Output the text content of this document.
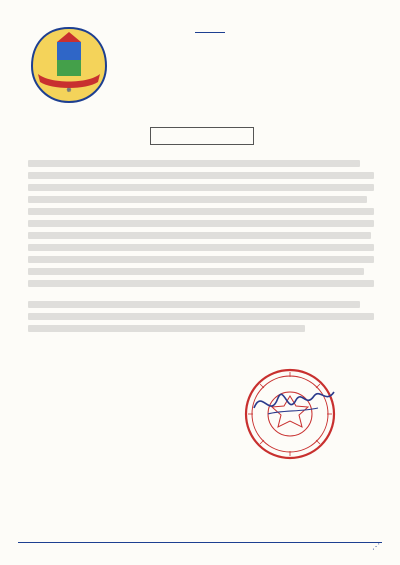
☸
⋰
